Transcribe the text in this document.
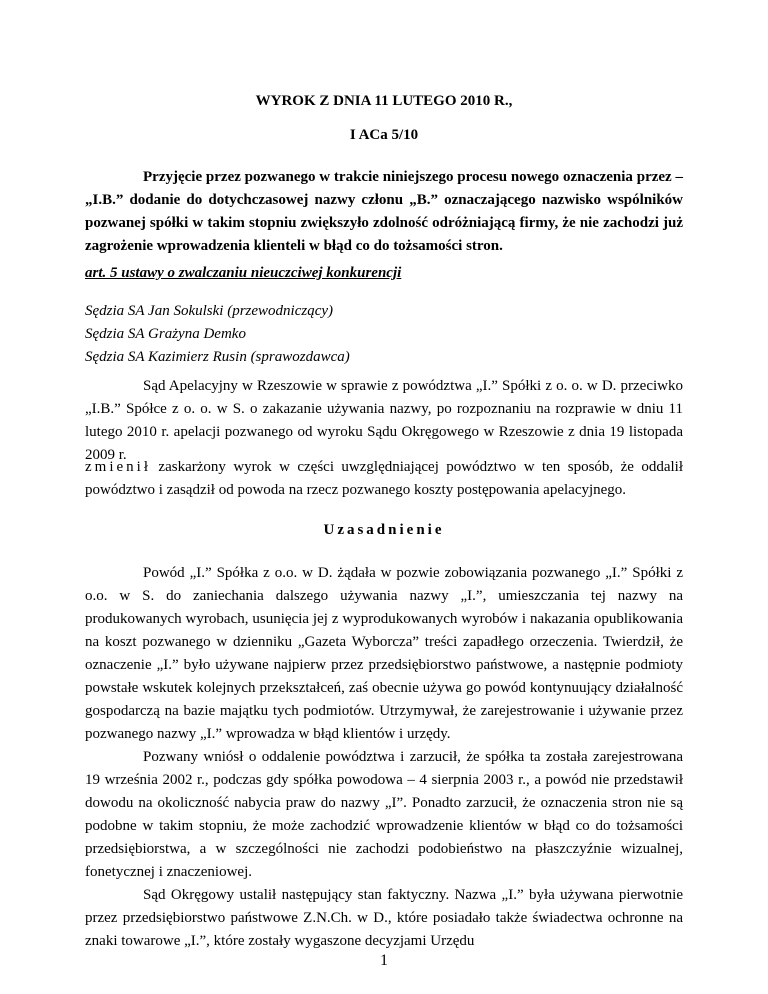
WYROK Z DNIA 11 LUTEGO 2010 R.,

I ACa 5/10

Przyjęcie przez pozwanego w trakcie niniejszego procesu nowego oznaczenia przez – „I.B.” dodanie do dotychczasowej nazwy członu „B.” oznaczającego nazwisko wspólników pozwanej spółki w takim stopniu zwiększyło zdolność odróżniającą firmy, że nie zachodzi już zagrożenie wprowadzenia klienteli w błąd co do tożsamości stron.

art. 5 ustawy o zwalczaniu nieuczciwej konkurencji

Sędzia SA Jan Sokulski (przewodniczący)
Sędzia SA Grażyna Demko
Sędzia SA Kazimierz Rusin (sprawozdawca)

Sąd Apelacyjny w Rzeszowie w sprawie z powództwa „I.” Spółki z o. o. w D. przeciwko „I.B.” Spółce z o. o. w S. o zakazanie używania nazwy, po rozpoznaniu na rozprawie w dniu 11 lutego 2010 r. apelacji pozwanego od wyroku Sądu Okręgowego w Rzeszowie z dnia 19 listopada 2009 r.

zmienił zaskarżony wyrok w części uwzględniającej powództwo w ten sposób, że oddalił powództwo i zasądził od powoda na rzecz pozwanego koszty postępowania apelacyjnego.

Uzasadnienie

Powód „I.” Spółka z o.o. w D. żądała w pozwie zobowiązania pozwanego „I.” Spółki z o.o. w S. do zaniechania dalszego używania nazwy „I.”, umieszczania tej nazwy na produkowanych wyrobach, usunięcia jej z wyprodukowanych wyrobów i nakazania opublikowania na koszt pozwanego w dzienniku „Gazeta Wyborcza” treści zapadłego orzeczenia. Twierdził, że oznaczenie „I.” było używane najpierw przez przedsiębiorstwo państwowe, a następnie podmioty powstałe wskutek kolejnych przekształceń, zaś obecnie używa go powód kontynuujący działalność gospodarczą na bazie majątku tych podmiotów. Utrzymywał, że zarejestrowanie i używanie przez pozwanego nazwy „I.” wprowadza w błąd klientów i urzędy.

Pozwany wniósł o oddalenie powództwa i zarzucił, że spółka ta została zarejestrowana 19 września 2002 r., podczas gdy spółka powodowa – 4 sierpnia 2003 r., a powód nie przedstawił dowodu na okoliczność nabycia praw do nazwy „I”. Ponadto zarzucił, że oznaczenia stron nie są podobne w takim stopniu, że może zachodzić wprowadzenie klientów w błąd co do tożsamości przedsiębiorstwa, a w szczególności nie zachodzi podobieństwo na płaszczyźnie wizualnej, fonetycznej i znaczeniowej.

Sąd Okręgowy ustalił następujący stan faktyczny. Nazwa „I.” była używana pierwotnie przez przedsiębiorstwo państwowe Z.N.Ch. w D., które posiadało także świadectwa ochronne na znaki towarowe „I.”, które zostały wygaszone decyzjami Urzędu

1
